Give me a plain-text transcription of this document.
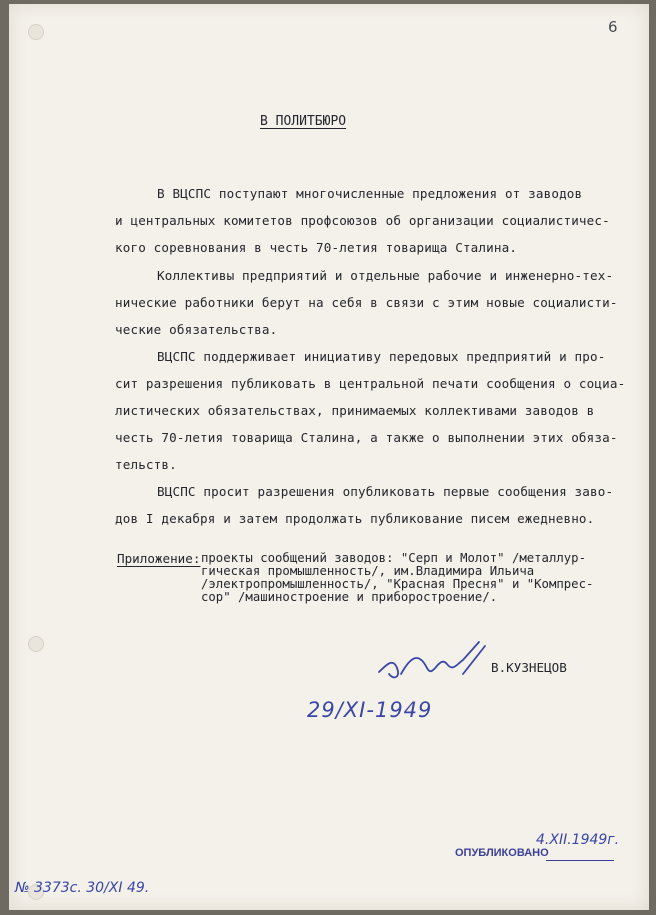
6
В ПОЛИТБЮРО
В ВЦСПС поступают многочисленные предложения от заводов
и центральных комитетов профсоюзов об организации социалистичес-
кого соревнования в честь 70-летия товарища Сталина.
Коллективы предприятий и отдельные рабочие и инженерно-тех-
нические работники берут на себя в связи с этим новые социалисти-
ческие обязательства.
ВЦСПС поддерживает инициативу передовых предприятий и про-
сит разрешения публиковать в центральной печати сообщения о социа-
листических обязательствах, принимаемых коллективами заводов в
честь 70-летия товарища Сталина, а также о выполнении этих обяза-
тельств.
ВЦСПС просит разрешения опубликовать первые сообщения заво-
дов I декабря и затем продолжать публикование писем ежедневно.
Приложение: проекты сообщений заводов: "Серп и Молот" /металлур-
гическая промышленность/, им.Владимира Ильича
/электропромышленность/, "Красная Пресня" и "Компрес-
сор" /машиностроение и приборостроение/.
В.КУЗНЕЦОВ
29/XI-1949
ОПУБЛИКОВАНО
4.XII.1949г.
№ 3373с. 30/XI 49.
